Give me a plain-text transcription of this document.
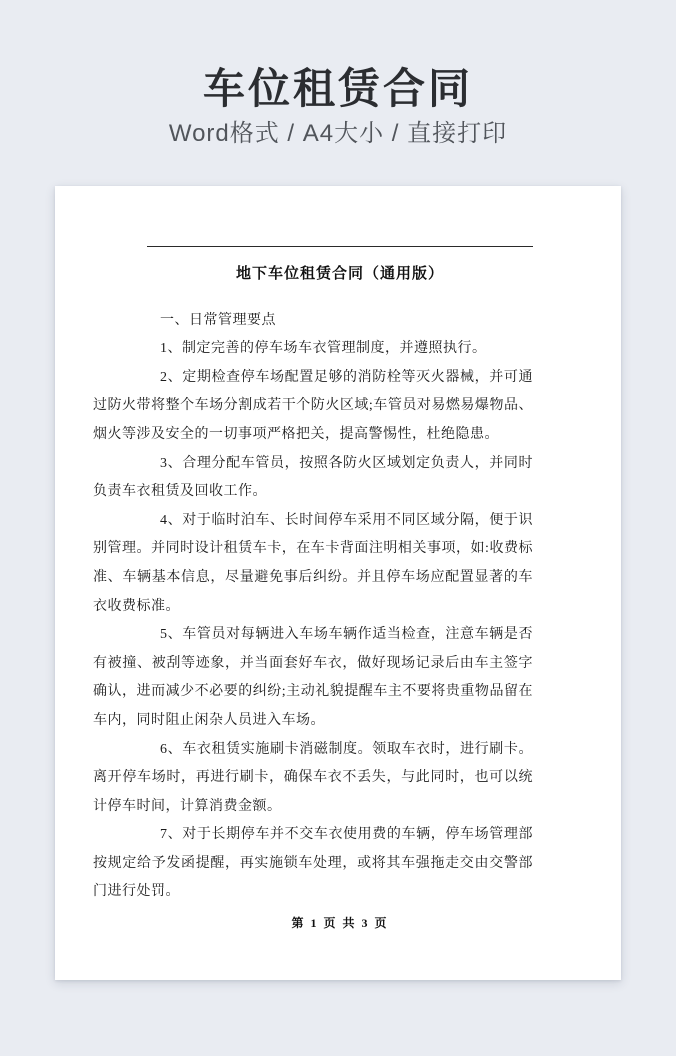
车位租赁合同

Word格式 / A4大小 / 直接打印

地下车位租赁合同（通用版）

一、日常管理要点

1、制定完善的停车场车衣管理制度，并遵照执行。

2、定期检查停车场配置足够的消防栓等灭火器械，并可通过防火带将整个车场分割成若干个防火区域;车管员对易燃易爆物品、烟火等涉及安全的一切事项严格把关，提高警惕性，杜绝隐患。

3、合理分配车管员，按照各防火区域划定负责人，并同时负责车衣租赁及回收工作。

4、对于临时泊车、长时间停车采用不同区域分隔，便于识别管理。并同时设计租赁车卡，在车卡背面注明相关事项，如:收费标准、车辆基本信息，尽量避免事后纠纷。并且停车场应配置显著的车衣收费标准。

5、车管员对每辆进入车场车辆作适当检查，注意车辆是否有被撞、被刮等迹象，并当面套好车衣，做好现场记录后由车主签字确认，进而减少不必要的纠纷;主动礼貌提醒车主不要将贵重物品留在车内，同时阻止闲杂人员进入车场。

6、车衣租赁实施刷卡消磁制度。领取车衣时，进行刷卡。离开停车场时，再进行刷卡，确保车衣不丢失，与此同时，也可以统计停车时间，计算消费金额。

7、对于长期停车并不交车衣使用费的车辆，停车场管理部按规定给予发函提醒，再实施锁车处理，或将其车强拖走交由交警部门进行处罚。

第 1 页 共 3 页
